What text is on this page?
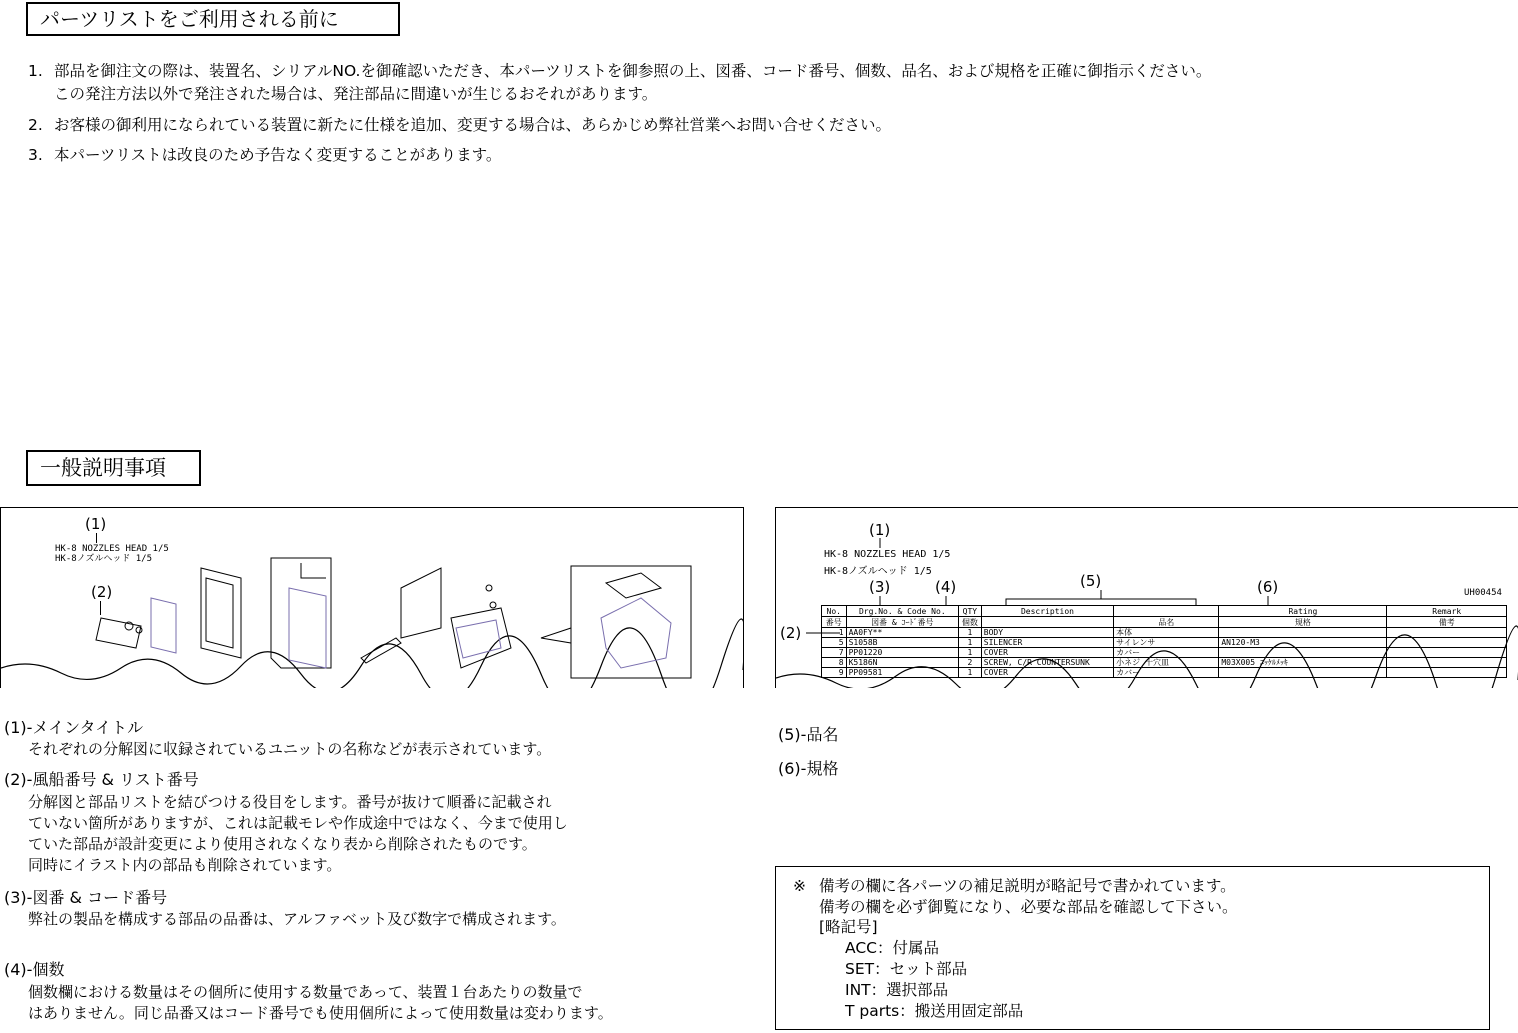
パーツリストをご利用される前に
1. 部品を御注文の際は、装置名、シリアルNO.を御確認いただき、本パーツリストを御参照の上、図番、コード番号、個数、品名、および規格を正確に御指示ください。
この発注方法以外で発注された場合は、発注部品に間違いが生じるおそれがあります。
2. お客様の御利用になられている装置に新たに仕様を追加、変更する場合は、あらかじめ弊社営業へお問い合せください。
3. 本パーツリストは改良のため予告なく変更することがあります。
一般説明事項
(1)
HK-8 NOZZLES HEAD 1/5
HK-8ノズルヘッド 1/5
(2)
(1)
HK-8 NOZZLES HEAD 1/5
HK-8ノズルヘッド 1/5
(3)	(4)	(5)	(6)	UH00454
(2)
No.	Drg.No. & Code No.	QTY	Description		Rating	Remark
番号	図番 & ｺｰﾄﾞ番号	個数		品名	規格	備考
1	AA0FY**	1	BODY	本体		
5	S1058B	1	SILENCER	サイレンサ	AN120-M3	
7	PP01220	1	COVER	カバー		
8	K5186N	2	SCREW, C/R COUNTERSUNK	小ネジ 十穴皿	M03X005 ﾆｯｹﾙﾒｯｷ	
9	PP09581	1	COVER	カバー		
(1)-メインタイトル
それぞれの分解図に収録されているユニットの名称などが表示されています。
(2)-風船番号 & リスト番号
分解図と部品リストを結びつける役目をします。番号が抜けて順番に記載され
ていない箇所がありますが、これは記載モレや作成途中ではなく、今まで使用し
ていた部品が設計変更により使用されなくなり表から削除されたものです。
同時にイラスト内の部品も削除されています。
(3)-図番 & コード番号
弊社の製品を構成する部品の品番は、アルファベット及び数字で構成されます。
(4)-個数
個数欄における数量はその個所に使用する数量であって、装置１台あたりの数量で
はありません。同じ品番又はコード番号でも使用個所によって使用数量は変わります。
(5)-品名
(6)-規格
※ 備考の欄に各パーツの補足説明が略記号で書かれています。
備考の欄を必ず御覧になり、必要な部品を確認して下さい。
[略記号]
ACC：付属品
SET：セット部品
INT：選択部品
T parts：搬送用固定部品
